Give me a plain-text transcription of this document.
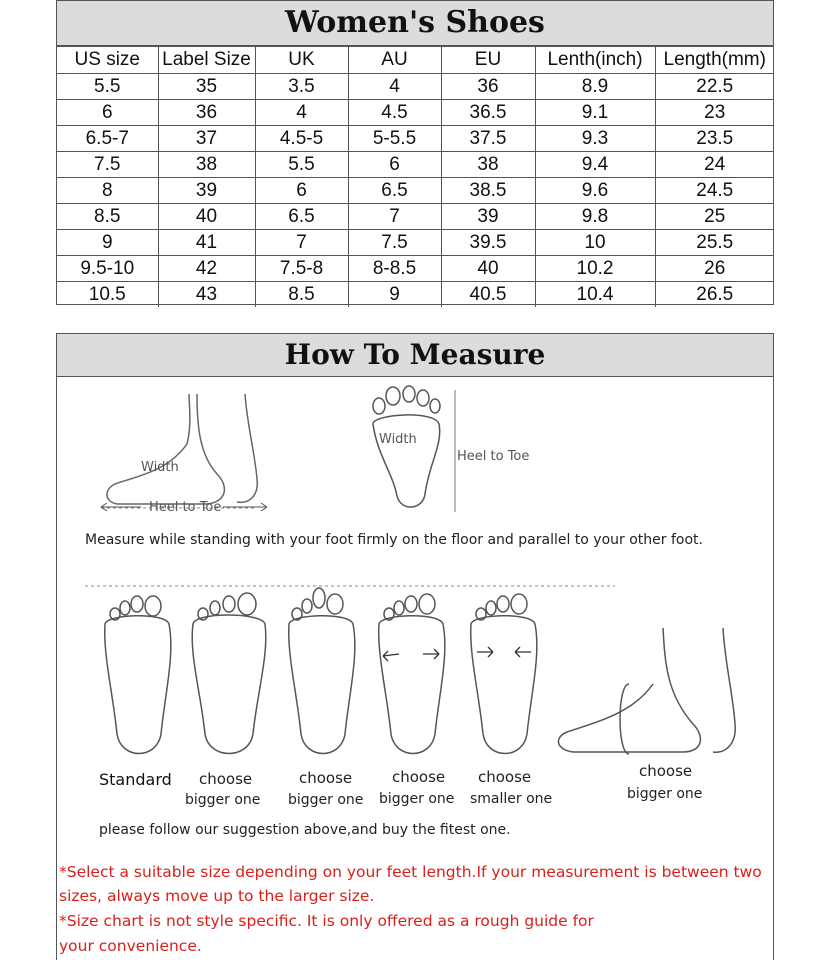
Women's Shoes
US size	Label Size	UK	AU	EU	Lenth(inch)	Length(mm)
5.5	35	3.5	4	36	8.9	22.5
6	36	4	4.5	36.5	9.1	23
6.5-7	37	4.5-5	5-5.5	37.5	9.3	23.5
7.5	38	5.5	6	38	9.4	24
8	39	6	6.5	38.5	9.6	24.5
8.5	40	6.5	7	39	9.8	25
9	41	7	7.5	39.5	10	25.5
9.5-10	42	7.5-8	8-8.5	40	10.2	26
10.5	43	8.5	9	40.5	10.4	26.5
How To Measure
Width
Heel to Toe
Width
Heel to Toe
Measure while standing with your foot firmly on the floor and parallel to your other foot.
Standard choose
bigger one
choose
bigger one
choose
bigger one
choose
smaller one
choose
bigger one
please follow our suggestion above,and buy the fitest one.
*Select a suitable size depending on your feet length.If your measurement is between two
sizes, always move up to the larger size.
*Size chart is not style specific. It is only offered as a rough guide for
your convenience.
